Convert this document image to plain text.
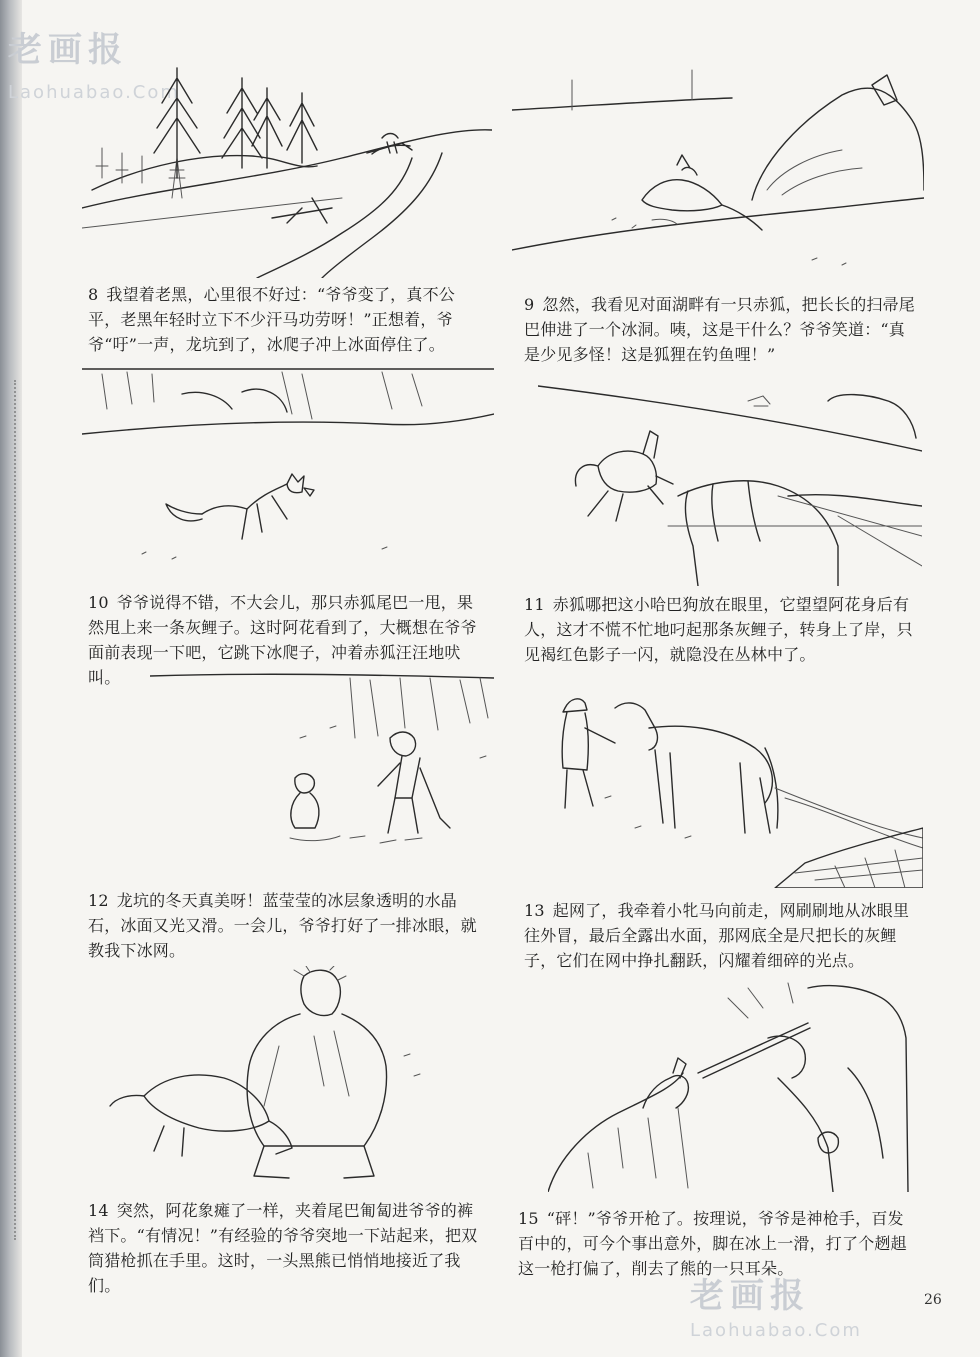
老画报
Laohuabao.Com
8 我望着老黑，心里很不好过：“爷爷变了，真不公平，老黑年轻时立下不少汗马功劳呀！”正想着，爷爷“吁”一声，龙坑到了，冰爬子冲上冰面停住了。
9 忽然，我看见对面湖畔有一只赤狐，把长长的扫帚尾巴伸进了一个冰洞。咦，这是干什么？爷爷笑道：“真是少见多怪！这是狐狸在钓鱼哩！”
10 爷爷说得不错，不大会儿，那只赤狐尾巴一甩，果然甩上来一条灰鲤子。这时阿花看到了，大概想在爷爷面前表现一下吧，它跳下冰爬子，冲着赤狐汪汪地吠叫。
11 赤狐哪把这小哈巴狗放在眼里，它望望阿花身后有人，这才不慌不忙地叼起那条灰鲤子，转身上了岸，只见褐红色影子一闪，就隐没在丛林中了。
12 龙坑的冬天真美呀！蓝莹莹的冰层象透明的水晶石，冰面又光又滑。一会儿，爷爷打好了一排冰眼，就教我下冰网。
13 起网了，我牵着小牝马向前走，网刷刷地从冰眼里往外冒，最后全露出水面，那网底全是尺把长的灰鲤子，它们在网中挣扎翻跃，闪耀着细碎的光点。
14 突然，阿花象瘫了一样，夹着尾巴匍匐进爷爷的裤裆下。“有情况！”有经验的爷爷突地一下站起来，把双筒猎枪抓在手里。这时，一头黑熊已悄悄地接近了我们。
15 “砰！”爷爷开枪了。按理说，爷爷是神枪手，百发百中的，可今个事出意外，脚在冰上一滑，打了个趔趄这一枪打偏了，削去了熊的一只耳朵。
老画报
Laohuabao.Com
26
